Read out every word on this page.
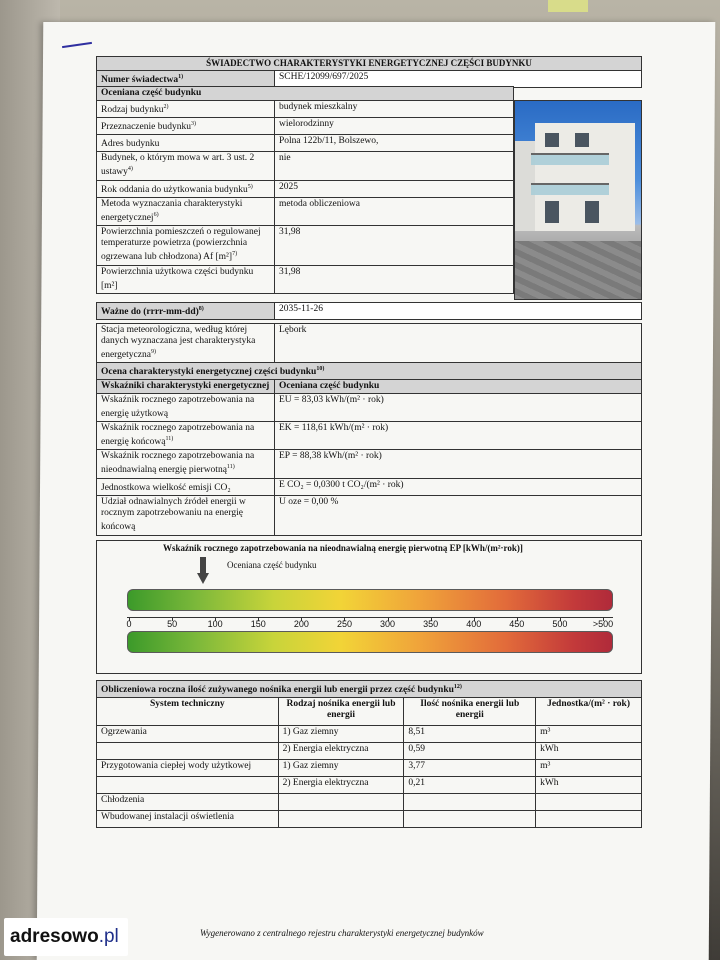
ŚWIADECTWO CHARAKTERYSTYKI ENERGETYCZNEJ CZĘŚCI BUDYNKU
Numer świadectwa$^{1)}$	SCHE/12099/697/2025
Oceniana część budynku	
Rodzaj budynku$^{2)}$	budynek mieszkalny
Przeznaczenie budynku$^{3)}$	wielorodzinny
Adres budynku	Polna 122b/11, Bolszewo,
Budynek, o którym mowa w art. 3 ust. 2 ustawy$^{4)}$	nie
Rok oddania do użytkowania budynku$^{5)}$	2025
Metoda wyznaczania charakterystyki energetycznej$^{6)}$	metoda obliczeniowa
Powierzchnia pomieszczeń o regulowanej temperaturze powietrza (powierzchnia ogrzewana lub chłodzona) Af $[m^2]^{7)}$	31,98
Powierzchnia użytkowa części budynku [m²]	31,98
Ważne do (rrrr-mm-dd)$^{8)}$	2035-11-26

Stacja meteorologiczna, według której danych wyznaczana jest charakterystyka energetyczna$^{9)}$	Lębork
Ocena charakterystyki energetycznej części budynku$^{10)}$
Wskaźniki charakterystyki energetycznej	Oceniana część budynku
Wskaźnik rocznego zapotrzebowania na energię użytkową	EU = 83,03 kWh/(m² · rok)
Wskaźnik rocznego zapotrzebowania na energię końcową$^{11)}$	EK = 118,61 kWh/(m² · rok)
Wskaźnik rocznego zapotrzebowania na nieodnawialną energię pierwotną$^{11)}$	EP = 88,38 kWh/(m² · rok)
Jednostkowa wielkość emisji CO₂	E CO₂ = 0,0300 t CO₂/(m² · rok)
Udział odnawialnych źródeł energii w rocznym zapotrzebowaniu na energię końcową	U oze = 0,00 %
Wskaźnik rocznego zapotrzebowania na nieodnawialną energię pierwotną EP [kWh/(m²·rok)]
Oceniana część budynku
0	50	100	150	200	250	300	350	400	450	500	>500
Obliczeniowa roczna ilość zużywanego nośnika energii lub energii przez część budynku$^{12)}$
System techniczny	Rodzaj nośnika energii lub energii	Ilość nośnika energii lub energii	Jednostka/(m² · rok)
Ogrzewania	1) Gaz ziemny	8,51	m³
	2) Energia elektryczna	0,59	kWh
Przygotowania ciepłej wody użytkowej	1) Gaz ziemny	3,77	m³
	2) Energia elektryczna	0,21	kWh
Chłodzenia			
Wbudowanej instalacji oświetlenia			
Wygenerowano z centralnego rejestru charakterystyki energetycznej budynków
adresowo.pl
